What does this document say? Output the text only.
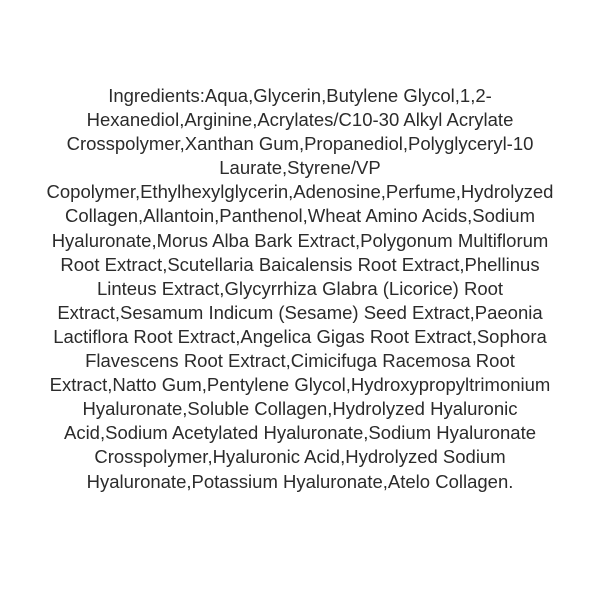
Ingredients:Aqua,Glycerin,Butylene Glycol,1,2-
Hexanediol,Arginine,Acrylates/C10-30 Alkyl Acrylate
Crosspolymer,Xanthan Gum,Propanediol,Polyglyceryl-10
Laurate,Styrene/VP
Copolymer,Ethylhexylglycerin,Adenosine,Perfume,Hydrolyzed
Collagen,Allantoin,Panthenol,Wheat Amino Acids,Sodium
Hyaluronate,Morus Alba Bark Extract,Polygonum Multiflorum
Root Extract,Scutellaria Baicalensis Root Extract,Phellinus
Linteus Extract,Glycyrrhiza Glabra (Licorice) Root
Extract,Sesamum Indicum (Sesame) Seed Extract,Paeonia
Lactiflora Root Extract,Angelica Gigas Root Extract,Sophora
Flavescens Root Extract,Cimicifuga Racemosa Root
Extract,Natto Gum,Pentylene Glycol,Hydroxypropyltrimonium
Hyaluronate,Soluble Collagen,Hydrolyzed Hyaluronic
Acid,Sodium Acetylated Hyaluronate,Sodium Hyaluronate
Crosspolymer,Hyaluronic Acid,Hydrolyzed Sodium
Hyaluronate,Potassium Hyaluronate,Atelo Collagen.
